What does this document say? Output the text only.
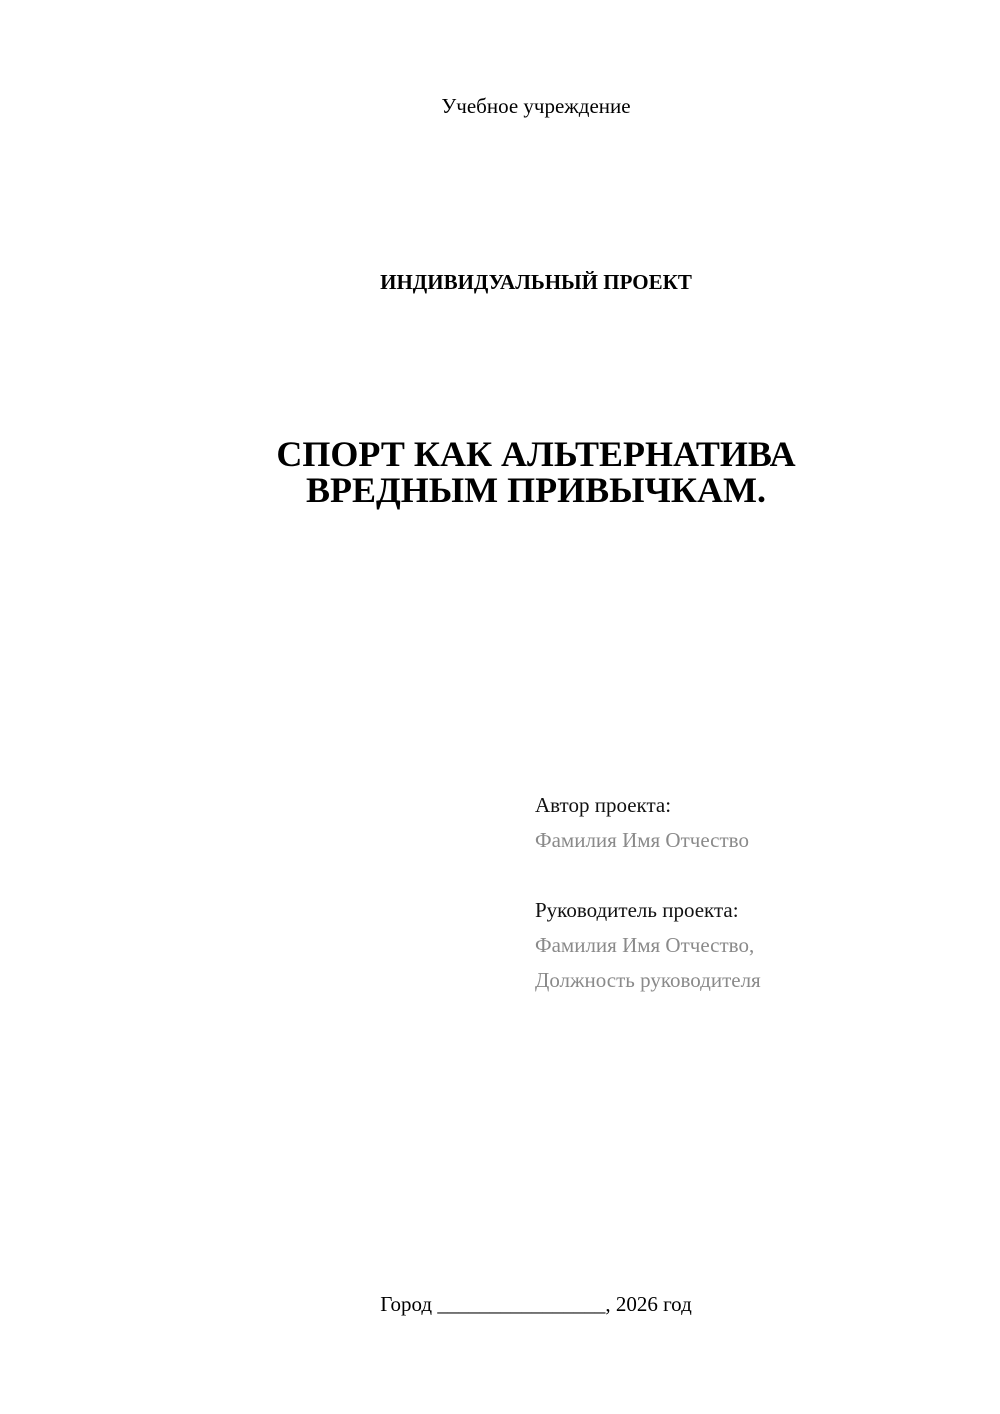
Учебное учреждение
ИНДИВИДУАЛЬНЫЙ ПРОЕКТ
СПОРТ КАК АЛЬТЕРНАТИВА
ВРЕДНЫМ ПРИВЫЧКАМ.
Автор проекта:
Фамилия Имя Отчество
Руководитель проекта:
Фамилия Имя Отчество,
Должность руководителя
Город ________________, 2026 год
